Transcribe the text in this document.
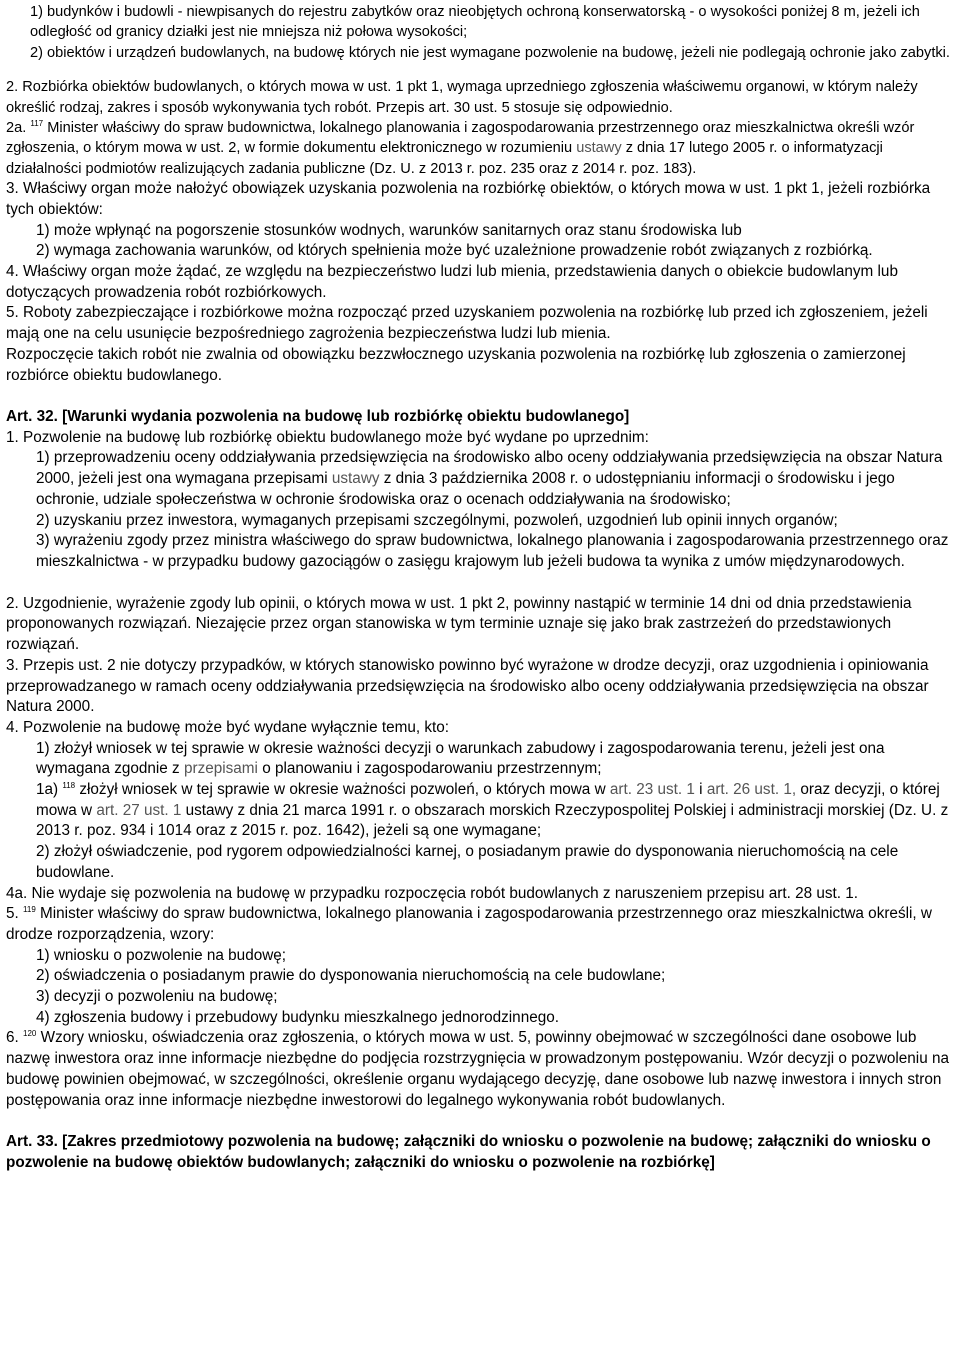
1) budynków i budowli - niewpisanych do rejestru zabytków oraz nieobjętych ochroną konserwatorską - o wysokości poniżej 8 m, jeżeli ich odległość od granicy działki jest nie mniejsza niż połowa wysokości;
2) obiektów i urządzeń budowlanych, na budowę których nie jest wymagane pozwolenie na budowę, jeżeli nie podlegają ochronie jako zabytki.
2. Rozbiórka obiektów budowlanych, o których mowa w ust. 1 pkt 1, wymaga uprzedniego zgłoszenia właściwemu organowi, w którym należy określić rodzaj, zakres i sposób wykonywania tych robót. Przepis art. 30 ust. 5 stosuje się odpowiednio.
2a. $^{117}$ Minister właściwy do spraw budownictwa, lokalnego planowania i zagospodarowania przestrzennego oraz mieszkalnictwa określi wzór zgłoszenia, o którym mowa w ust. 2, w formie dokumentu elektronicznego w rozumieniu ustawy z dnia 17 lutego 2005 r. o informatyzacji działalności podmiotów realizujących zadania publiczne (Dz. U. z 2013 r. poz. 235 oraz z 2014 r. poz. 183).
3. Właściwy organ może nałożyć obowiązek uzyskania pozwolenia na rozbiórkę obiektów, o których mowa w ust. 1 pkt 1, jeżeli rozbiórka tych obiektów:
1) może wpłynąć na pogorszenie stosunków wodnych, warunków sanitarnych oraz stanu środowiska lub
2) wymaga zachowania warunków, od których spełnienia może być uzależnione prowadzenie robót związanych z rozbiórką.
4. Właściwy organ może żądać, ze względu na bezpieczeństwo ludzi lub mienia, przedstawienia danych o obiekcie budowlanym lub dotyczących prowadzenia robót rozbiórkowych.
5. Roboty zabezpieczające i rozbiórkowe można rozpocząć przed uzyskaniem pozwolenia na rozbiórkę lub przed ich zgłoszeniem, jeżeli mają one na celu usunięcie bezpośredniego zagrożenia bezpieczeństwa ludzi lub mienia.
Rozpoczęcie takich robót nie zwalnia od obowiązku bezzwłocznego uzyskania pozwolenia na rozbiórkę lub zgłoszenia o zamierzonej rozbiórce obiektu budowlanego.
Art. 32. [Warunki wydania pozwolenia na budowę lub rozbiórkę obiektu budowlanego]
1. Pozwolenie na budowę lub rozbiórkę obiektu budowlanego może być wydane po uprzednim:
1) przeprowadzeniu oceny oddziaływania przedsięwzięcia na środowisko albo oceny oddziaływania przedsięwzięcia na obszar Natura 2000, jeżeli jest ona wymagana przepisami ustawy z dnia 3 października 2008 r. o udostępnianiu informacji o środowisku i jego ochronie, udziale społeczeństwa w ochronie środowiska oraz o ocenach oddziaływania na środowisko;
2) uzyskaniu przez inwestora, wymaganych przepisami szczególnymi, pozwoleń, uzgodnień lub opinii innych organów;
3) wyrażeniu zgody przez ministra właściwego do spraw budownictwa, lokalnego planowania i zagospodarowania przestrzennego oraz mieszkalnictwa - w przypadku budowy gazociągów o zasięgu krajowym lub jeżeli budowa ta wynika z umów międzynarodowych.
2. Uzgodnienie, wyrażenie zgody lub opinii, o których mowa w ust. 1 pkt 2, powinny nastąpić w terminie 14 dni od dnia przedstawienia proponowanych rozwiązań. Niezajęcie przez organ stanowiska w tym terminie uznaje się jako brak zastrzeżeń do przedstawionych rozwiązań.
3. Przepis ust. 2 nie dotyczy przypadków, w których stanowisko powinno być wyrażone w drodze decyzji, oraz uzgodnienia i opiniowania przeprowadzanego w ramach oceny oddziaływania przedsięwzięcia na środowisko albo oceny oddziaływania przedsięwzięcia na obszar Natura 2000.
4. Pozwolenie na budowę może być wydane wyłącznie temu, kto:
1) złożył wniosek w tej sprawie w okresie ważności decyzji o warunkach zabudowy i zagospodarowania terenu, jeżeli jest ona wymagana zgodnie z przepisami o planowaniu i zagospodarowaniu przestrzennym;
1a) $^{118}$ złożył wniosek w tej sprawie w okresie ważności pozwoleń, o których mowa w art. 23 ust. 1 i art. 26 ust. 1, oraz decyzji, o której mowa w art. 27 ust. 1 ustawy z dnia 21 marca 1991 r. o obszarach morskich Rzeczypospolitej Polskiej i administracji morskiej (Dz. U. z 2013 r. poz. 934 i 1014 oraz z 2015 r. poz. 1642), jeżeli są one wymagane;
2) złożył oświadczenie, pod rygorem odpowiedzialności karnej, o posiadanym prawie do dysponowania nieruchomością na cele budowlane.
4a. Nie wydaje się pozwolenia na budowę w przypadku rozpoczęcia robót budowlanych z naruszeniem przepisu art. 28 ust. 1.
5. $^{119}$ Minister właściwy do spraw budownictwa, lokalnego planowania i zagospodarowania przestrzennego oraz mieszkalnictwa określi, w drodze rozporządzenia, wzory:
1) wniosku o pozwolenie na budowę;
2) oświadczenia o posiadanym prawie do dysponowania nieruchomością na cele budowlane;
3) decyzji o pozwoleniu na budowę;
4) zgłoszenia budowy i przebudowy budynku mieszkalnego jednorodzinnego.
6. $^{120}$ Wzory wniosku, oświadczenia oraz zgłoszenia, o których mowa w ust. 5, powinny obejmować w szczególności dane osobowe lub nazwę inwestora oraz inne informacje niezbędne do podjęcia rozstrzygnięcia w prowadzonym postępowaniu. Wzór decyzji o pozwoleniu na budowę powinien obejmować, w szczególności, określenie organu wydającego decyzję, dane osobowe lub nazwę inwestora i innych stron postępowania oraz inne informacje niezbędne inwestorowi do legalnego wykonywania robót budowlanych.
Art. 33. [Zakres przedmiotowy pozwolenia na budowę; załączniki do wniosku o pozwolenie na budowę; załączniki do wniosku o pozwolenie na budowę obiektów budowlanych; załączniki do wniosku o pozwolenie na rozbiórkę]
